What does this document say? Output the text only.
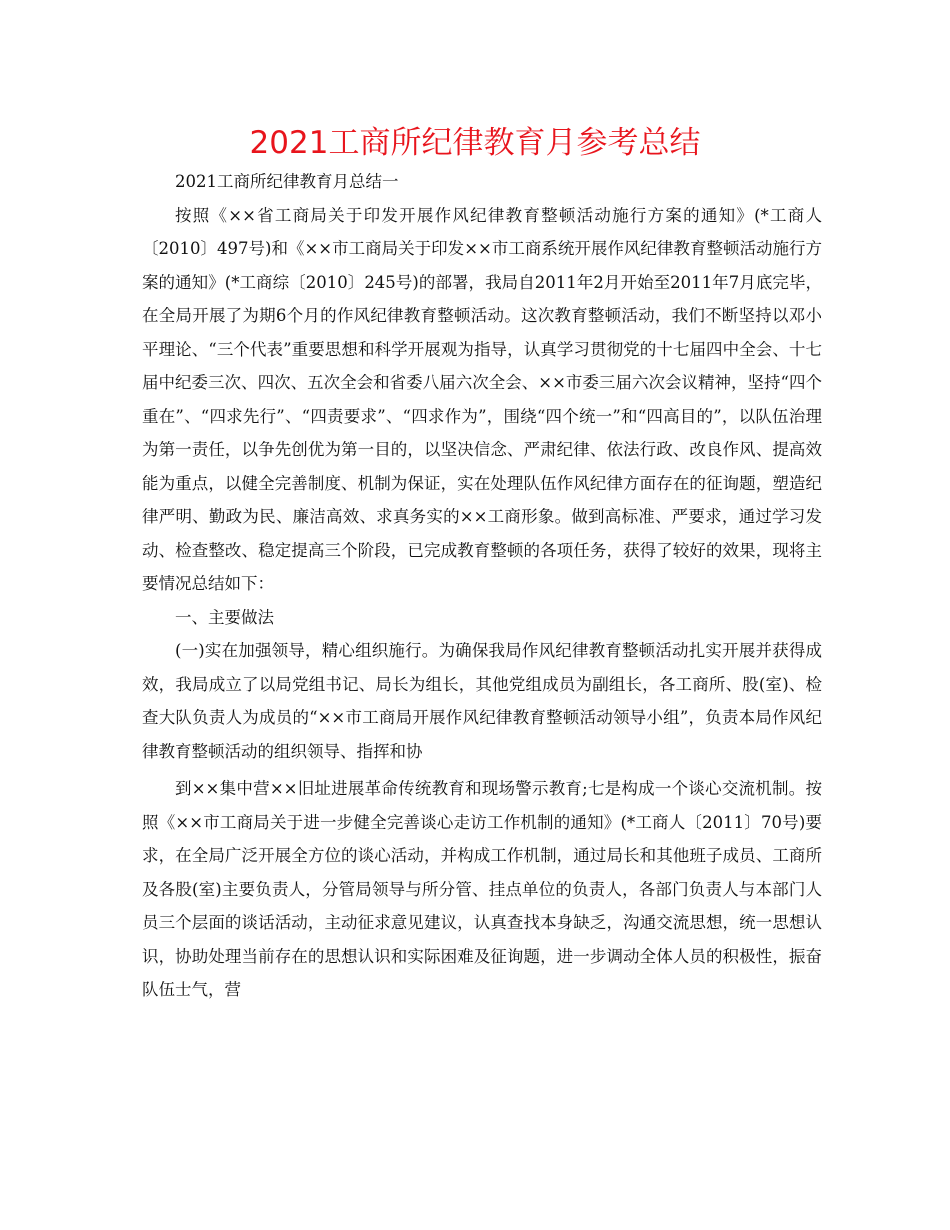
2021工商所纪律教育月参考总结

2021工商所纪律教育月总结一

按照《××省工商局关于印发开展作风纪律教育整顿活动施行方案的通知》(*工商人〔2010〕497号)和《××市工商局关于印发××市工商系统开展作风纪律教育整顿活动施行方案的通知》(*工商综〔2010〕245号)的部署，我局自2011年2月开始至2011年7月底完毕，在全局开展了为期6个月的作风纪律教育整顿活动。这次教育整顿活动，我们不断坚持以邓小平理论、“三个代表”重要思想和科学开展观为指导，认真学习贯彻党的十七届四中全会、十七届中纪委三次、四次、五次全会和省委八届六次全会、××市委三届六次会议精神，坚持“四个重在”、“四求先行”、“四责要求”、“四求作为”，围绕“四个统一”和“四高目的”，以队伍治理为第一责任，以争先创优为第一目的，以坚决信念、严肃纪律、依法行政、改良作风、提高效能为重点，以健全完善制度、机制为保证，实在处理队伍作风纪律方面存在的征询题，塑造纪律严明、勤政为民、廉洁高效、求真务实的××工商形象。做到高标准、严要求，通过学习发动、检查整改、稳定提高三个阶段，已完成教育整顿的各项任务，获得了较好的效果，现将主要情况总结如下：

一、主要做法

(一)实在加强领导，精心组织施行。为确保我局作风纪律教育整顿活动扎实开展并获得成效，我局成立了以局党组书记、局长为组长，其他党组成员为副组长，各工商所、股(室)、检查大队负责人为成员的“××市工商局开展作风纪律教育整顿活动领导小组”，负责本局作风纪律教育整顿活动的组织领导、指挥和协

到××集中营××旧址进展革命传统教育和现场警示教育;七是构成一个谈心交流机制。按照《××市工商局关于进一步健全完善谈心走访工作机制的通知》(*工商人〔2011〕70号)要求，在全局广泛开展全方位的谈心活动，并构成工作机制，通过局长和其他班子成员、工商所及各股(室)主要负责人，分管局领导与所分管、挂点单位的负责人，各部门负责人与本部门人员三个层面的谈话活动，主动征求意见建议，认真查找本身缺乏，沟通交流思想，统一思想认识，协助处理当前存在的思想认识和实际困难及征询题，进一步调动全体人员的积极性，振奋队伍士气，营
